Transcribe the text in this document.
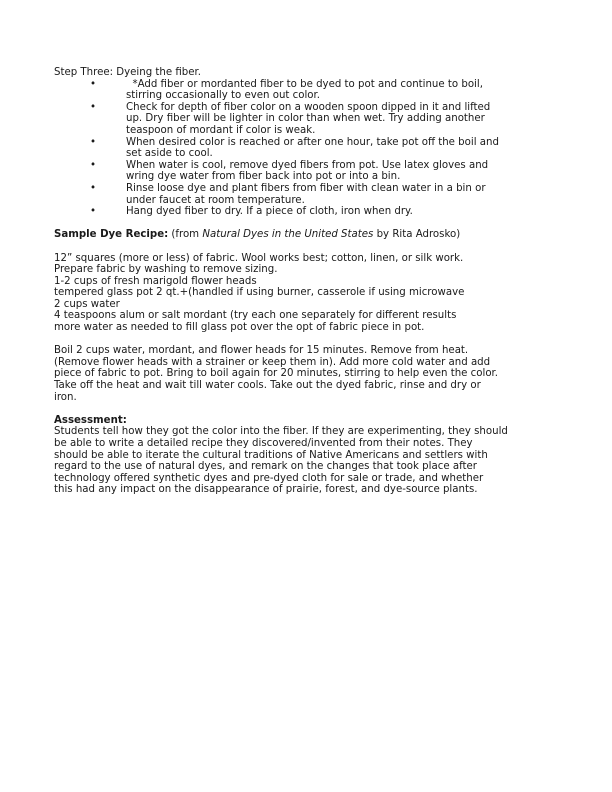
Step Three: Dyeing the fiber.
•	*Add fiber or mordanted fiber to be dyed to pot and continue to boil,
stirring occasionally to even out color.
•	Check for depth of fiber color on a wooden spoon dipped in it and lifted
up. Dry fiber will be lighter in color than when wet. Try adding another
teaspoon of mordant if color is weak.
•	When desired color is reached or after one hour, take pot off the boil and
set aside to cool.
•	When water is cool, remove dyed fibers from pot. Use latex gloves and
wring dye water from fiber back into pot or into a bin.
•	Rinse loose dye and plant fibers from fiber with clean water in a bin or
under faucet at room temperature.
•	Hang dyed fiber to dry. If a piece of cloth, iron when dry.
Sample Dye Recipe: (from Natural Dyes in the United States by Rita Adrosko)
12” squares (more or less) of fabric. Wool works best; cotton, linen, or silk work.
Prepare fabric by washing to remove sizing.
1-2 cups of fresh marigold flower heads
tempered glass pot 2 qt.+(handled if using burner, casserole if using microwave
2 cups water
4 teaspoons alum or salt mordant (try each one separately for different results
more water as needed to fill glass pot over the opt of fabric piece in pot.
Boil 2 cups water, mordant, and flower heads for 15 minutes. Remove from heat.
(Remove flower heads with a strainer or keep them in). Add more cold water and add
piece of fabric to pot. Bring to boil again for 20 minutes, stirring to help even the color.
Take off the heat and wait till water cools. Take out the dyed fabric, rinse and dry or
iron.
Assessment:
Students tell how they got the color into the fiber. If they are experimenting, they should
be able to write a detailed recipe they discovered/invented from their notes. They
should be able to iterate the cultural traditions of Native Americans and settlers with
regard to the use of natural dyes, and remark on the changes that took place after
technology offered synthetic dyes and pre-dyed cloth for sale or trade, and whether
this had any impact on the disappearance of prairie, forest, and dye-source plants.
